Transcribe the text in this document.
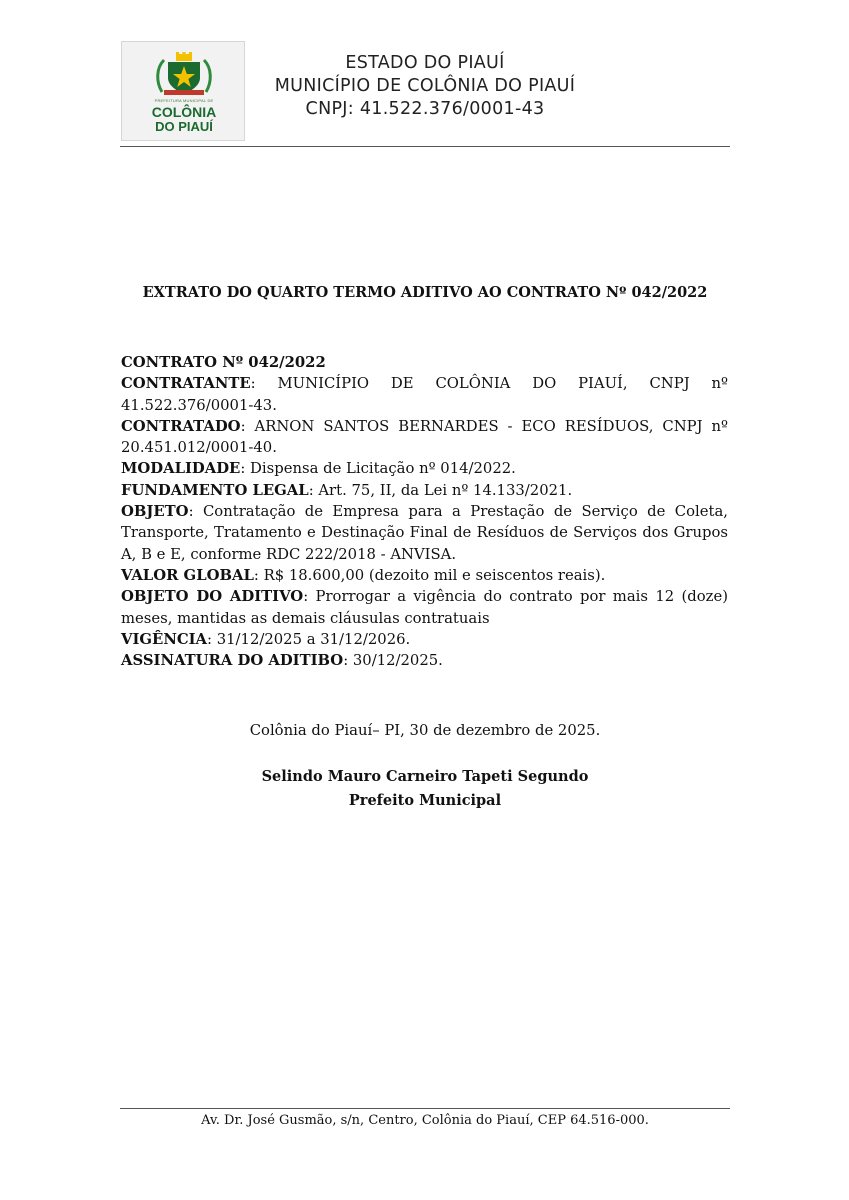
PREFEITURA MUNICIPAL DE
COLÔNIA
DO PIAUÍ
ESTADO DO PIAUÍ
MUNICÍPIO DE COLÔNIA DO PIAUÍ
CNPJ: 41.522.376/0001-43
EXTRATO DO QUARTO TERMO ADITIVO AO CONTRATO Nº 042/2022

CONTRATO Nº 042/2022

CONTRATANTE: MUNICÍPIO DE COLÔNIA DO PIAUÍ, CNPJ nº 41.522.376/0001-43.

CONTRATADO: ARNON SANTOS BERNARDES - ECO RESÍDUOS, CNPJ nº 20.451.012/0001-40.

MODALIDADE: Dispensa de Licitação nº 014/2022.

FUNDAMENTO LEGAL: Art. 75, II, da Lei nº 14.133/2021.

OBJETO: Contratação de Empresa para a Prestação de Serviço de Coleta, Transporte, Tratamento e Destinação Final de Resíduos de Serviços dos Grupos A, B e E, conforme RDC 222/2018 - ANVISA.

VALOR GLOBAL: R$ 18.600,00 (dezoito mil e seiscentos reais).

OBJETO DO ADITIVO: Prorrogar a vigência do contrato por mais 12 (doze) meses, mantidas as demais cláusulas contratuais

VIGÊNCIA: 31/12/2025 a 31/12/2026.

ASSINATURA DO ADITIBO: 30/12/2025.

Colônia do Piauí– PI, 30 de dezembro de 2025.
Selindo Mauro Carneiro Tapeti Segundo
Prefeito Municipal
Av. Dr. José Gusmão, s/n, Centro, Colônia do Piauí, CEP 64.516-000.
